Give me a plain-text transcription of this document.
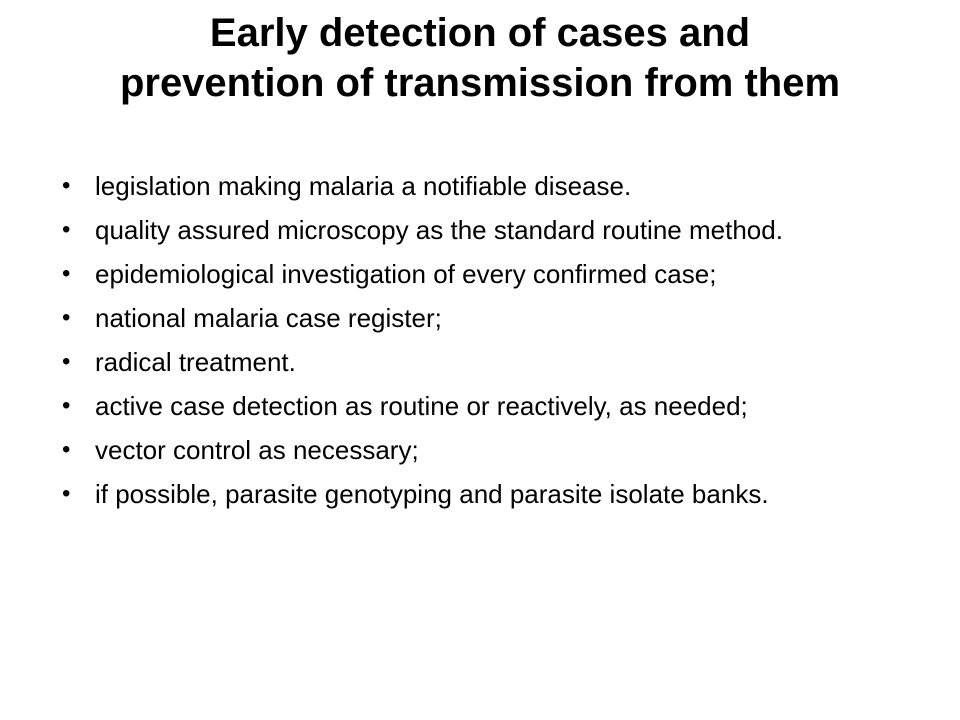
Early detection of cases and
prevention of transmission from them
• legislation making malaria a notifiable disease.
• quality assured microscopy as the standard routine method.
• epidemiological investigation of every confirmed case;
• national malaria case register;
• radical treatment.
• active case detection as routine or reactively, as needed;
• vector control as necessary;
• if possible, parasite genotyping and parasite isolate banks.
